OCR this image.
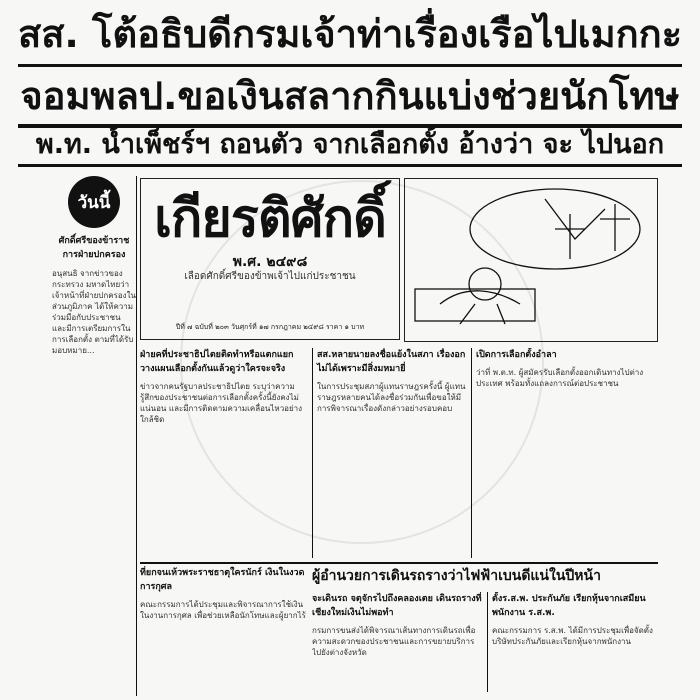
สส. โต้อธิบดีกรมเจ้าท่าเรื่องเรือไปเมกกะ
จอมพลป.ขอเงินสลากกินแบ่งช่วยนักโทษ
พ.ท. น้ำเพ็ชร์ฯ ถอนตัว จากเลือกตั้ง อ้างว่า จะ ไปนอก
วันนี้
ศักดิ์ศรีของข้าราช การฝ่ายปกครอง
อนุสนธิ จากข่าวของกระทรวง มหาดไทยว่า เจ้าหน้าที่ฝ่ายปกครองในส่วนภูมิภาค ได้ให้ความร่วมมือกับประชาชน และมีการเตรียมการในการเลือกตั้ง ตามที่ได้รับมอบหมาย...
เกียรติศักดิ์
พ.ศ. ๒๔๙๘
เลือดศักดิ์ศรีของข้าพเจ้าไปแก่ประชาชน
ปีที่ ๗ ฉบับที่ ๒๐๓ วันศุกร์ที่ ๑๗ กรกฎาคม ๒๔๙๘ ราคา ๑ บาท
ฝ่ายคที่ประชาธิปไตยติดทำหรือแตกแยก วางแผนเลือกตั้งกันแล้วดูว่าใครจะจริง
ข่าวจากคนรัฐบาลประชาธิปไตย ระบุว่าความรู้สึกของประชาชนต่อการเลือกตั้งครั้งนี้ยังคงไม่แน่นอน และมีการติดตามความเคลื่อนไหวอย่างใกล้ชิด
สส.หลายนายลงชื่อแย้งในสภา เรื่องอกไม่ได้เพราะมีสิ่งมหมายี่
ในการประชุมสภาผู้แทนราษฎรครั้งนี้ ผู้แทนราษฎรหลายคนได้ลงชื่อร่วมกันเพื่อขอให้มีการพิจารณาเรื่องดังกล่าวอย่างรอบคอบ
เปิดการเลือกตั้งอำลา
ว่าที่ พ.ต.ท. ผู้สมัครรับเลือกตั้งออกเดินทางไปต่างประเทศ พร้อมทั้งแถลงการณ์ต่อประชาชน
ที่ยกจนเห้วพระราชธาตุใครนักร์ เงินในงวดการกุศล
คณะกรรมการได้ประชุมและพิจารณาการใช้เงินในงานการกุศล เพื่อช่วยเหลือนักโทษและผู้ยากไร้
ผู้อำนวยการเดินรถรางว่าไฟฟ้าเบนดีแน่ในปีหน้า
จะเดินรถ จตุจักรไปถึงคลองเตย เดินรถรางที่เชียงใหม่เงินไม่พอทำ
กรมการขนส่งได้พิจารณาเส้นทางการเดินรถเพื่อความสะดวกของประชาชนและการขยายบริการไปยังต่างจังหวัด
ตั้งร.ส.พ. ประกันภัย เรียกหุ้นจากเสมียนพนักงาน ร.ส.พ.
คณะกรรมการ ร.ส.พ. ได้มีการประชุมเพื่อจัดตั้งบริษัทประกันภัยและเรียกหุ้นจากพนักงาน
